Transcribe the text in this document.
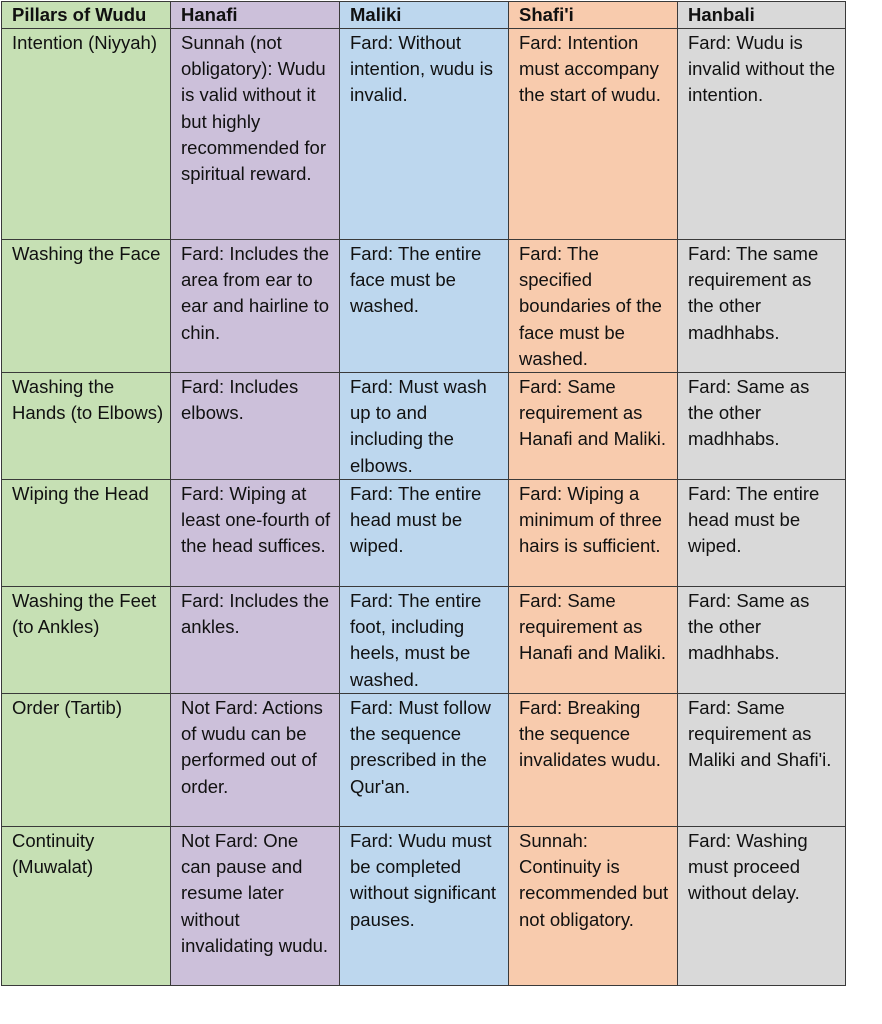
Pillars of Wudu	Hanafi	Maliki	Shafi'i	Hanbali
Intention (Niyyah)	Sunnah (not obligatory): Wudu is valid without it but highly recommended for spiritual reward.	Fard: Without intention, wudu is invalid.	Fard: Intention must accompany the start of wudu.	Fard: Wudu is invalid without the intention.
Washing the Face	Fard: Includes the area from ear to ear and hairline to chin.	Fard: The entire face must be washed.	Fard: The specified boundaries of the face must be washed.	Fard: The same requirement as the other madhhabs.
Washing the Hands (to Elbows)	Fard: Includes elbows.	Fard: Must wash up to and including the elbows.	Fard: Same requirement as Hanafi and Maliki.	Fard: Same as the other madhhabs.
Wiping the Head	Fard: Wiping at least one-fourth of the head suffices.	Fard: The entire head must be wiped.	Fard: Wiping a minimum of three hairs is sufficient.	Fard: The entire head must be wiped.
Washing the Feet (to Ankles)	Fard: Includes the ankles.	Fard: The entire foot, including heels, must be washed.	Fard: Same requirement as Hanafi and Maliki.	Fard: Same as the other madhhabs.
Order (Tartib)	Not Fard: Actions of wudu can be performed out of order.	Fard: Must follow the sequence prescribed in the Qur'an.	Fard: Breaking the sequence invalidates wudu.	Fard: Same requirement as Maliki and Shafi'i.
Continuity (Muwalat)	Not Fard: One can pause and resume later without invalidating wudu.	Fard: Wudu must be completed without significant pauses.	Sunnah: Continuity is recommended but not obligatory.	Fard: Washing must proceed without delay.
